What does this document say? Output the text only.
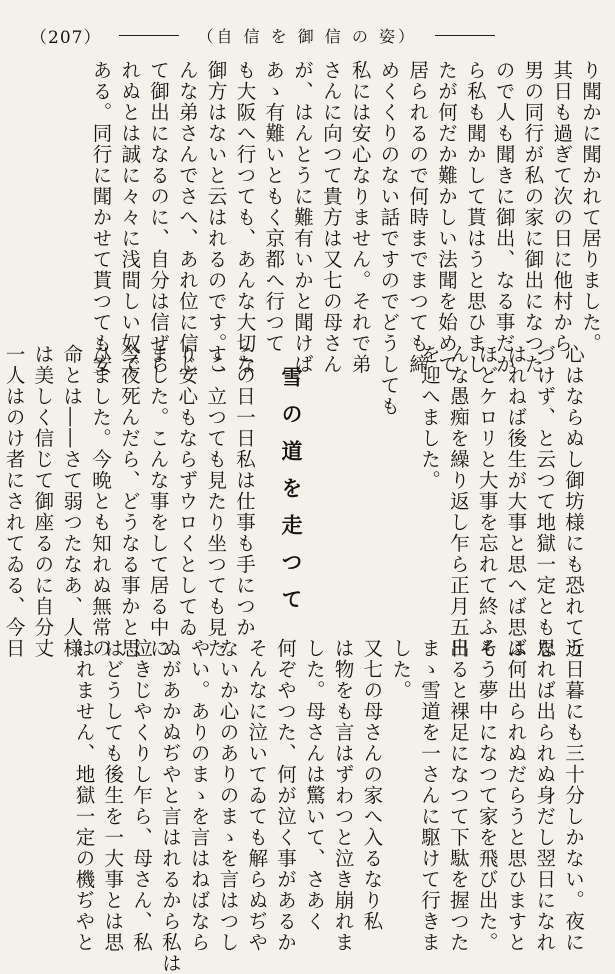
（207）	（自 信 を 御 信 の 姿）
り聞かに聞かれて居りました。
其日も過ぎて次の日に他村から
男の同行が私の家に御出になつた
ので人も聞きに御出、なる事だか
ら私も聞かして貰はうと思ひまし
たが何だか難かしい法聞を始めて
居られるので何時までまつても締
めくくりのない話ですのでどうしても
私には安心なりません。それで弟
さんに向つて貴方は又七の母さん
が、はんとうに難有いかと聞けば
あゝ有難いともく京都へ行つて
も大阪へ行つても、あんな大切な
御方はないと云はれるのです。こ
んな弟さんでさへ、あれ位に信じ
て御出になるのに、自分は信ぜら
れぬとは誠に々々に浅間しい奴で
ある。同行に聞かせて貰つても安
心はならぬし御坊様にも恐れて近
づけず、と云つて地獄一定とも思
はれねば後生が大事と思へば思ふ
ほどケロリと大事を忘れて終ふそ
んな愚痴を繰り返し乍ら正月五日
を迎へました。
雪の道を走つて
この日一日私は仕事も手につか
す、立つても見たり坐つても見た
り安心もならずウロくとしてゐ
ました。こんな事をして居る中に
今夜死んだら、どうなる事かと思
ひました。今晩とも知れぬ無常の
命とは――さて弱つたなあ、人様
は美しく信じて御座るのに自分丈
一人はのけ者にされてゐる、今日
う日暮にも三十分しかない。夜に
なれば出られぬ身だし翌日になれ
ば何出られぬだらうと思ひますと
もう夢中になつて家を飛び出た。
出ると裸足になつて下駄を握つた
まゝ雪道を一さんに駆けて行きま
した。
又七の母さんの家へ入るなり私
は物をも言はずわつと泣き崩れま
した。母さんは驚いて、さあく
何ぞやつた、何が泣く事があるか
そんなに泣いてゐても解らぬぢや
ないか心のありのまゝを言はつし
やい。ありのまゝを言はねばなら
ぬがあかぬぢやと言はれるから私は
泣きじやくりし乍ら、母さん、私
はどうしても後生を一大事とは思
はれません、地獄一定の機ぢやと
